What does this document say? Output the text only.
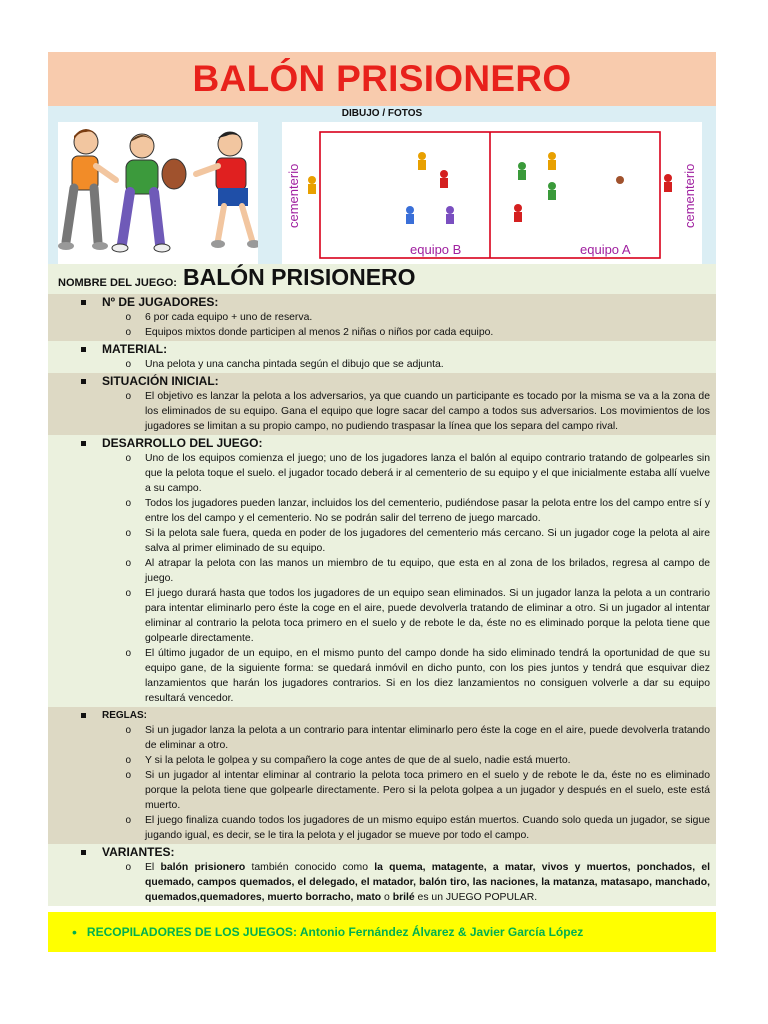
BALÓN PRISIONERO
DIBUJO / FOTOS
cementerio	cementerio
equipo B	equipo A
NOMBRE DEL JUEGO: BALÓN PRISIONERO
Nº DE JUGADORES:
o	6 por cada equipo + uno de reserva.
o	Equipos mixtos donde participen al menos 2 niñas o niños por cada equipo.
MATERIAL:
o	Una pelota y una cancha pintada según el dibujo que se adjunta.
SITUACIÓN INICIAL:
o	El objetivo es lanzar la pelota a los adversarios, ya que cuando un participante es tocado por la misma se va a la zona de los eliminados de su equipo. Gana el equipo que logre sacar del campo a todos sus adversarios. Los movimientos de los jugadores se limitan a su propio campo, no pudiendo traspasar la línea que los separa del campo rival.
DESARROLLO DEL JUEGO:
o	Uno de los equipos comienza el juego; uno de los jugadores lanza el balón al equipo contrario tratando de golpearles sin que la pelota toque el suelo. el jugador tocado deberá ir al cementerio de su equipo y el que inicialmente estaba allí vuelve a su campo.
o	Todos los jugadores pueden lanzar, incluidos los del cementerio, pudiéndose pasar la pelota entre los del campo entre sí y entre los del campo y el cementerio. No se podrán salir del terreno de juego marcado.
o	Si la pelota sale fuera, queda en poder de los jugadores del cementerio más cercano. Si un jugador coge la pelota al aire salva al primer eliminado de su equipo.
o	Al atrapar la pelota con las manos un miembro de tu equipo, que esta en al zona de los brilados, regresa al campo de juego.
o	El juego durará hasta que todos los jugadores de un equipo sean eliminados. Si un jugador lanza la pelota a un contrario para intentar eliminarlo pero éste la coge en el aire, puede devolverla tratando de eliminar a otro. Si un jugador al intentar eliminar al contrario la pelota toca primero en el suelo y de rebote le da, éste no es eliminado porque la pelota tiene que golpearle directamente.
o	El último jugador de un equipo, en el mismo punto del campo donde ha sido eliminado tendrá la oportunidad de que su equipo gane, de la siguiente forma: se quedará inmóvil en dicho punto, con los pies juntos y tendrá que esquivar diez lanzamientos que harán los jugadores contrarios. Si en los diez lanzamientos no consiguen volverle a dar su equipo resultará vencedor.
REGLAS:
o	Si un jugador lanza la pelota a un contrario para intentar eliminarlo pero éste la coge en el aire, puede devolverla tratando de eliminar a otro.
o	Y si la pelota le golpea y su compañero la coge antes de que de al suelo, nadie está muerto.
o	Si un jugador al intentar eliminar al contrario la pelota toca primero en el suelo y de rebote le da, éste no es eliminado porque la pelota tiene que golpearle directamente. Pero si la pelota golpea a un jugador y después en el suelo, este está muerto.
o	El juego finaliza cuando todos los jugadores de un mismo equipo están muertos. Cuando solo queda un jugador, se sigue jugando igual, es decir, se le tira la pelota y el jugador se mueve por todo el campo.
VARIANTES:
o	El balón prisionero también conocido como la quema, matagente, a matar, vivos y muertos, ponchados, el quemado, campos quemados, el delegado, el matador, balón tiro, las naciones, la matanza, matasapo, manchado, quemados,quemadores, muerto borracho, mato o brilé es un JUEGO POPULAR.
• RECOPILADORES DE LOS JUEGOS: Antonio Fernández Álvarez & Javier García López
